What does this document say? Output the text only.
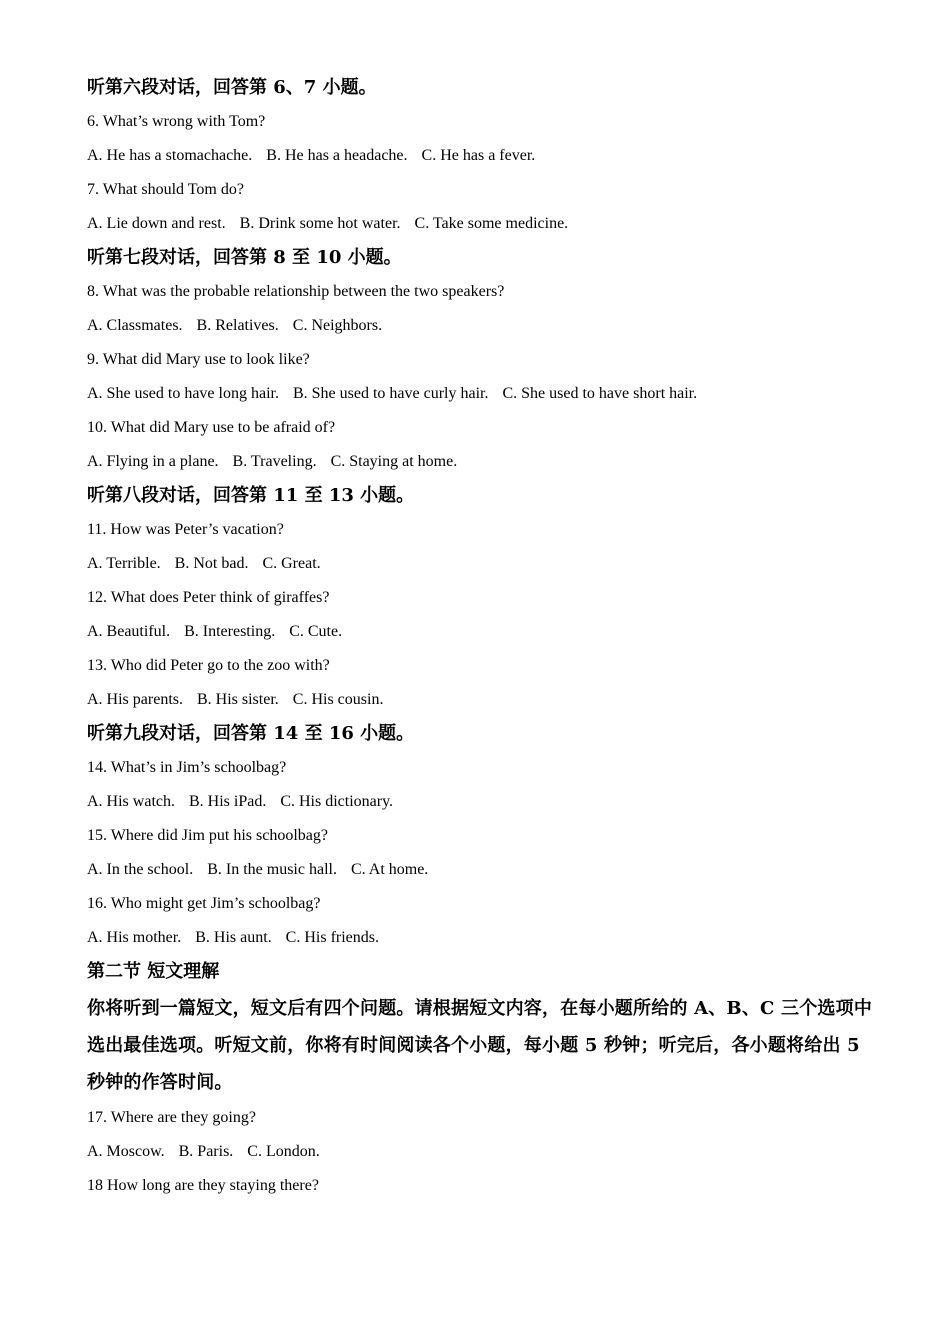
听第六段对话，回答第 6、7 小题。
6. What’s wrong with Tom?
A. He has a stomachache. B. He has a headache. C. He has a fever.
7. What should Tom do?
A. Lie down and rest. B. Drink some hot water. C. Take some medicine.
听第七段对话，回答第 8 至 10 小题。
8. What was the probable relationship between the two speakers?
A. Classmates. B. Relatives. C. Neighbors.
9. What did Mary use to look like?
A. She used to have long hair. B. She used to have curly hair. C. She used to have short hair.
10. What did Mary use to be afraid of?
A. Flying in a plane. B. Traveling. C. Staying at home.
听第八段对话，回答第 11 至 13 小题。
11. How was Peter’s vacation?
A. Terrible. B. Not bad. C. Great.
12. What does Peter think of giraffes?
A. Beautiful. B. Interesting. C. Cute.
13. Who did Peter go to the zoo with?
A. His parents. B. His sister. C. His cousin.
听第九段对话，回答第 14 至 16 小题。
14. What’s in Jim’s schoolbag?
A. His watch. B. His iPad. C. His dictionary.
15. Where did Jim put his schoolbag?
A. In the school. B. In the music hall. C. At home.
16. Who might get Jim’s schoolbag?
A. His mother. B. His aunt. C. His friends.
第二节 短文理解
你将听到一篇短文，短文后有四个问题。请根据短文内容，在每小题所给的 A、B、C 三个选项中选出最佳选项。听短文前，你将有时间阅读各个小题，每小题 5 秒钟；听完后，各小题将给出 5 秒钟的作答时间。
17. Where are they going?
A. Moscow. B. Paris. C. London.
18 How long are they staying there?
